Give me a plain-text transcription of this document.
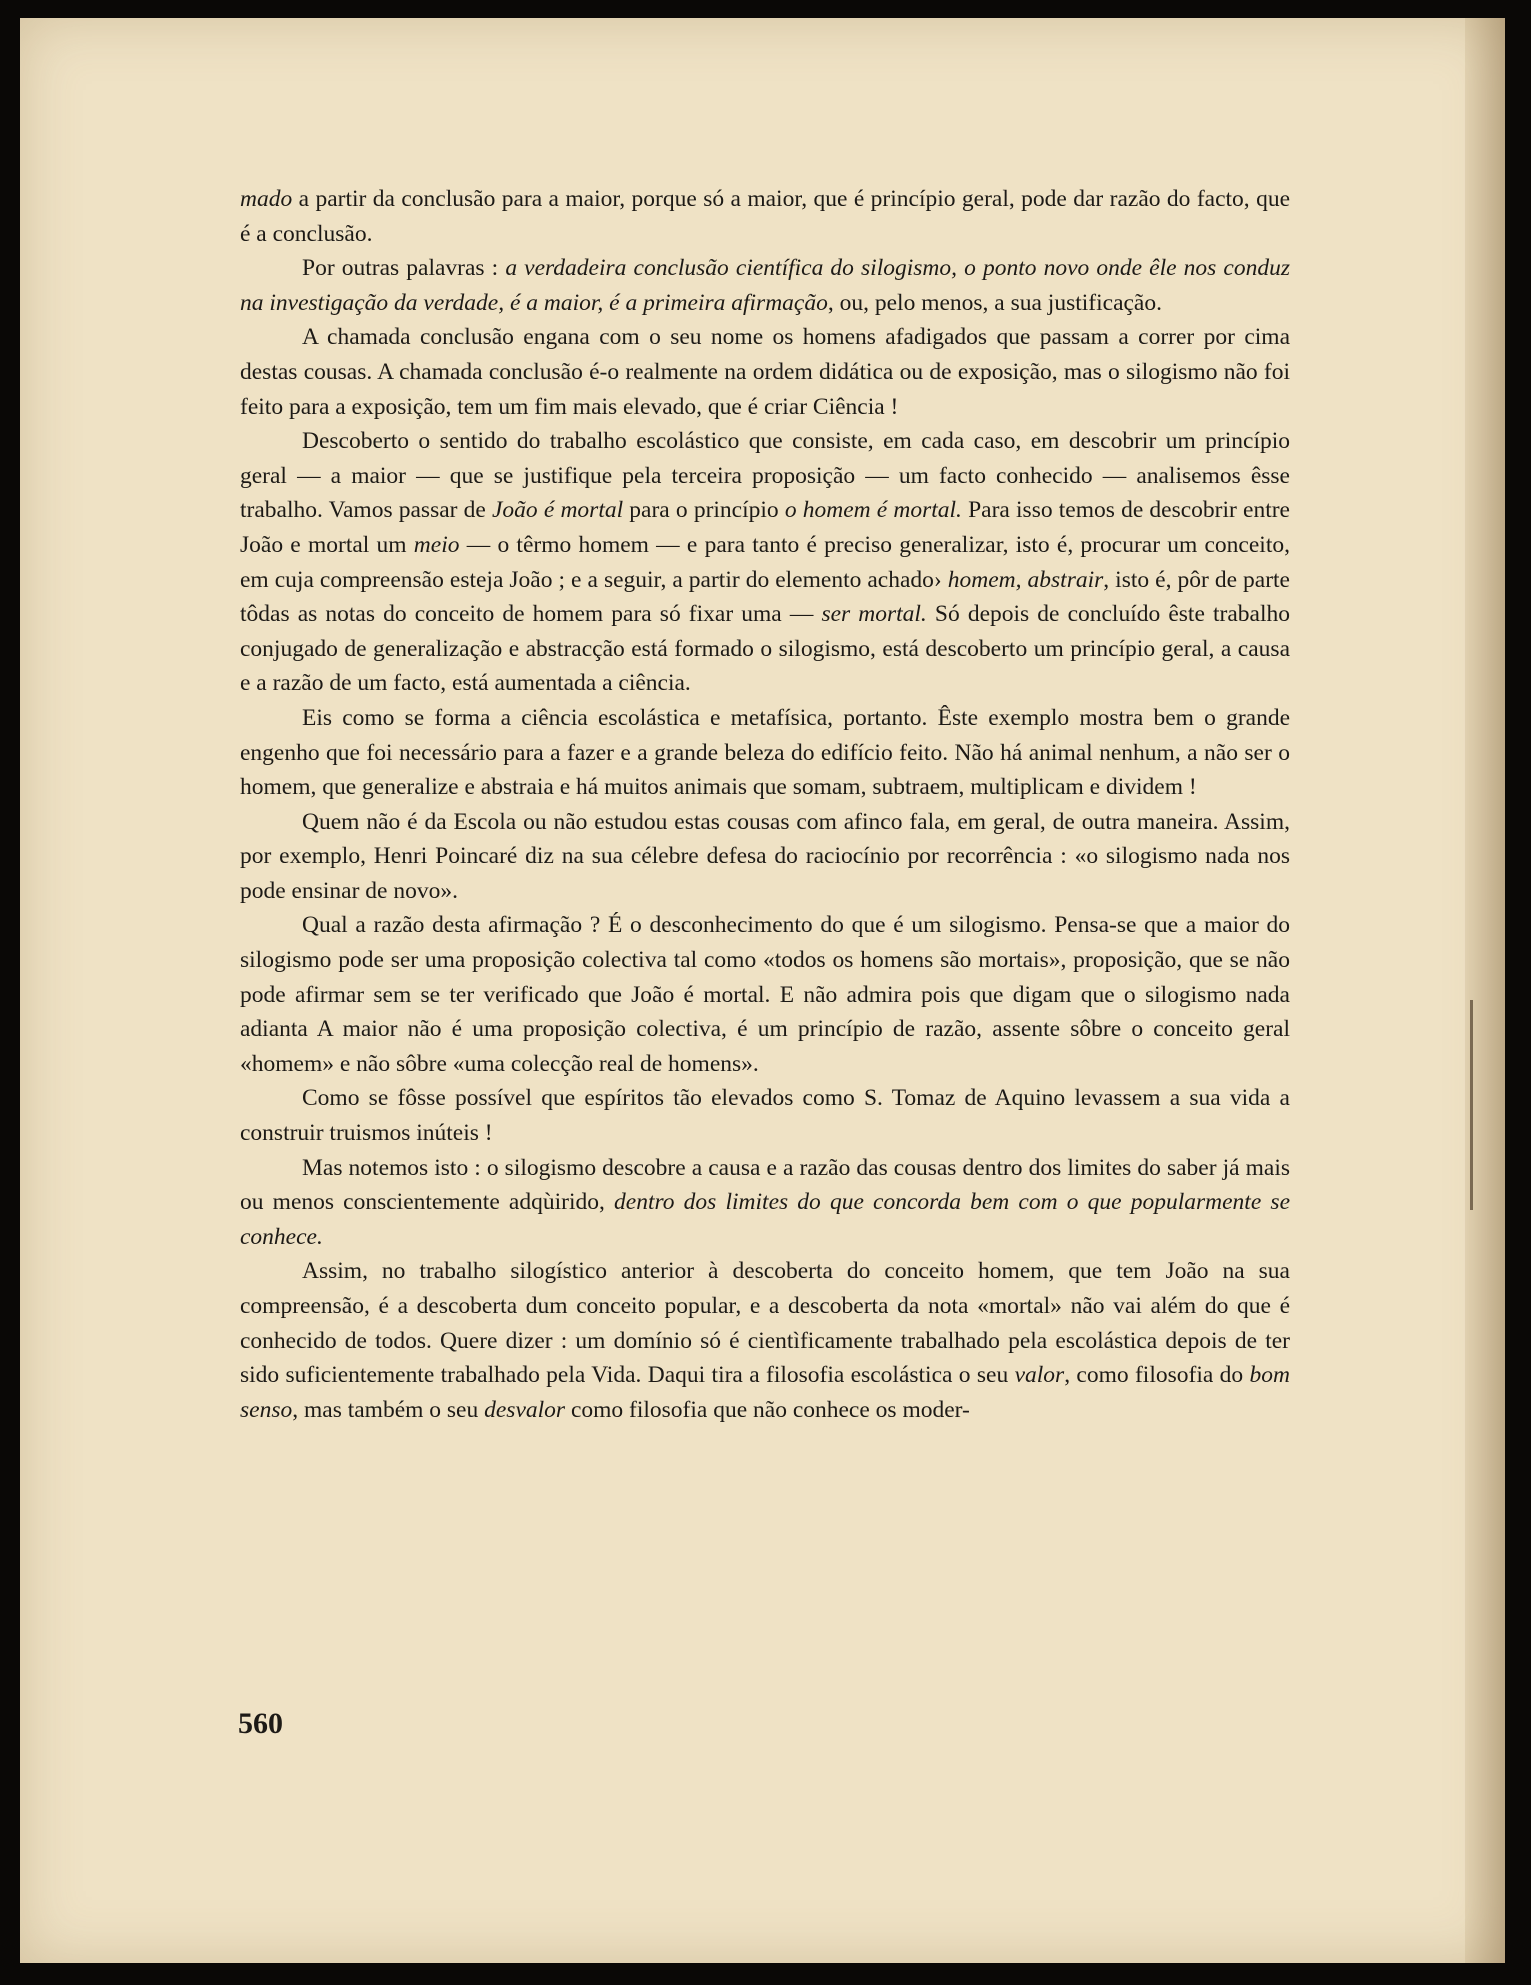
mado a partir da conclusão para a maior, porque só a maior, que é princípio geral, pode dar razão do facto, que é a conclusão.

Por outras palavras : a verdadeira conclusão científica do silogismo, o ponto novo onde êle nos conduz na investigação da verdade, é a maior, é a primeira afirmação, ou, pelo menos, a sua justificação.

A chamada conclusão engana com o seu nome os homens afadigados que passam a correr por cima destas cousas. A chamada conclusão é-o realmente na ordem didática ou de exposição, mas o silogismo não foi feito para a exposição, tem um fim mais elevado, que é criar Ciência !

Descoberto o sentido do trabalho escolástico que consiste, em cada caso, em descobrir um princípio geral — a maior — que se justifique pela terceira proposição — um facto conhecido — analisemos êsse trabalho. Vamos passar de João é mortal para o princípio o homem é mortal. Para isso temos de descobrir entre João e mortal um meio — o têrmo homem — e para tanto é preciso generalizar, isto é, procurar um conceito, em cuja compreensão esteja João ; e a seguir, a partir do elemento achado› homem, abstrair, isto é, pôr de parte tôdas as notas do conceito de homem para só fixar uma — ser mortal. Só depois de concluído êste trabalho conjugado de generalização e abstracção está formado o silogismo, está descoberto um princípio geral, a causa e a razão de um facto, está aumentada a ciência.

Eis como se forma a ciência escolástica e metafísica, portanto. Êste exemplo mostra bem o grande engenho que foi necessário para a fazer e a grande beleza do edifício feito. Não há animal nenhum, a não ser o homem, que generalize e abstraia e há muitos animais que somam, subtraem, multiplicam e dividem !

Quem não é da Escola ou não estudou estas cousas com afinco fala, em geral, de outra maneira. Assim, por exemplo, Henri Poincaré diz na sua célebre defesa do raciocínio por recorrência : «o silogismo nada nos pode ensinar de novo».

Qual a razão desta afirmação ? É o desconhecimento do que é um silogismo. Pensa-se que a maior do silogismo pode ser uma proposição colectiva tal como «todos os homens são mortais», proposição, que se não pode afirmar sem se ter verificado que João é mortal. E não admira pois que digam que o silogismo nada adianta A maior não é uma proposição colectiva, é um princípio de razão, assente sôbre o conceito geral «homem» e não sôbre «uma colecção real de homens».

Como se fôsse possível que espíritos tão elevados como S. Tomaz de Aquino levassem a sua vida a construir truismos inúteis !

Mas notemos isto : o silogismo descobre a causa e a razão das cousas dentro dos limites do saber já mais ou menos conscientemente adqùirido, dentro dos limites do que concorda bem com o que popularmente se conhece.

Assim, no trabalho silogístico anterior à descoberta do conceito homem, que tem João na sua compreensão, é a descoberta dum conceito popular, e a descoberta da nota «mortal» não vai além do que é conhecido de todos. Quere dizer : um domínio só é cientìficamente trabalhado pela escolástica depois de ter sido suficientemente trabalhado pela Vida. Daqui tira a filosofia escolástica o seu valor, como filosofia do bom senso, mas também o seu desvalor como filosofia que não conhece os moder-

560
